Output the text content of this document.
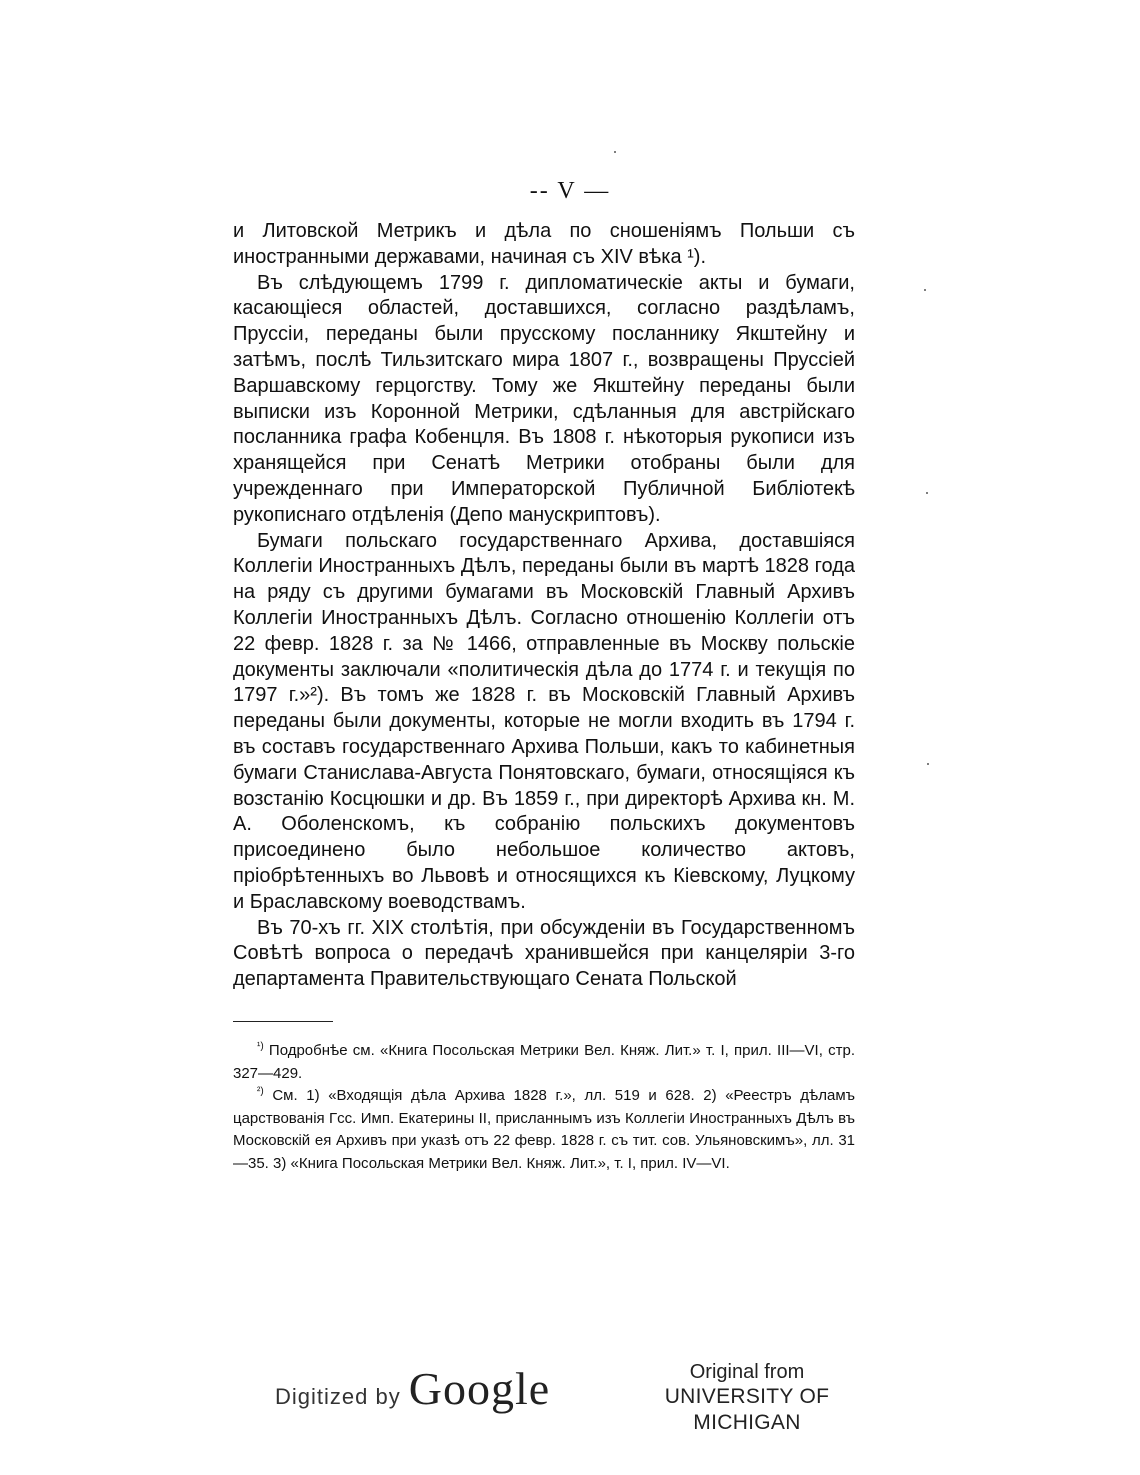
-- V —

и Литовской Метрикъ и дѣла по сношеніямъ Польши съ иностранными державами, начиная съ XIV вѣка ¹).

Въ слѣдующемъ 1799 г. дипломатическіе акты и бумаги, касающіеся областей, доставшихся, согласно раздѣламъ, Пруссіи, переданы были прусскому посланнику Якштейну и затѣмъ, послѣ Тильзитскаго мира 1807 г., возвращены Пруссіей Варшавскому герцогству. Тому же Якштейну переданы были выписки изъ Коронной Метрики, сдѣланныя для австрійскаго посланника графа Кобенцля. Въ 1808 г. нѣкоторыя рукописи изъ хранящейся при Сенатѣ Метрики отобраны были для учрежденнаго при Императорской Публичной Библіотекѣ рукописнаго отдѣленія (Депо манускриптовъ).

Бумаги польскаго государственнаго Архива, доставшіяся Коллегіи Иностранныхъ Дѣлъ, переданы были въ мартѣ 1828 года на ряду съ другими бумагами въ Московскій Главный Архивъ Коллегіи Иностранныхъ Дѣлъ. Согласно отношенію Коллегіи отъ 22 февр. 1828 г. за № 1466, отправленные въ Москву польскіе документы заключали «политическія дѣла до 1774 г. и текущія по 1797 г.»²). Въ томъ же 1828 г. въ Московскій Главный Архивъ переданы были документы, которые не могли входить въ 1794 г. въ составъ государственнаго Архива Польши, какъ то кабинетныя бумаги Станислава-Августа Понятовскаго, бумаги, относящіяся къ возстанію Косцюшки и др. Въ 1859 г., при директорѣ Архива кн. М. А. Оболенскомъ, къ собранію польскихъ документовъ присоединено было небольшое количество актовъ, пріобрѣтенныхъ во Львовѣ и относящихся къ Кіевскому, Луцкому и Браславскому воеводствамъ.

Въ 70-хъ гг. XIX столѣтія, при обсужденіи въ Государственномъ Совѣтѣ вопроса о передачѣ хранившейся при канцеляріи 3-го департамента Правительствующаго Сената Польской

$^{^1)}$ Подробнѣе см. «Книга Посольская Метрики Вел. Княж. Лит.» т. I, прил. III—VI, стр. 327—429.

$^{^2)}$ См. 1) «Входящія дѣла Архива 1828 г.», лл. 519 и 628. 2) «Реестръ дѣламъ царствованія Гсс. Имп. Екатерины II, присланнымъ изъ Коллегіи Иностранныхъ Дѣлъ въ Московскій ея Архивъ при указѣ отъ 22 февр. 1828 г. съ тит. сов. Ульяновскимъ», лл. 31—35. 3) «Книга Посольская Метрики Вел. Княж. Лит.», т. I, прил. IV—VI.

Digitized by Google	Original from
UNIVERSITY OF MICHIGAN
